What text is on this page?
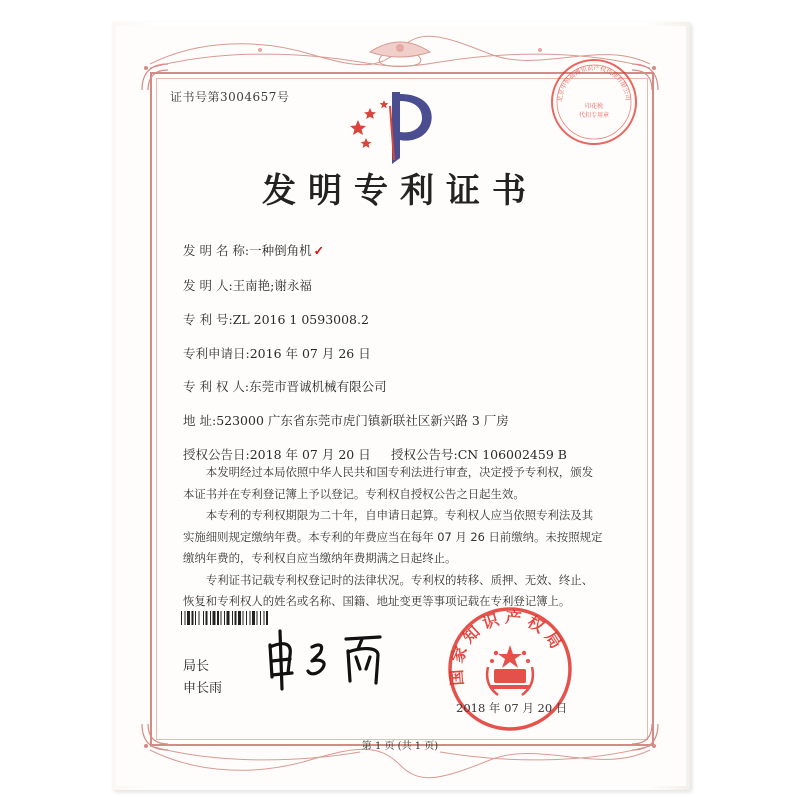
证书号第3004657号	北京中恒高博知识产权代理有限公司
印花税
代扣专用章
发明专利证书
发 明 名 称:一种倒角机 ✓
发 明 人:王南艳;谢永福
专 利 号:ZL 2016 1 0593008.2
专利申请日:2016 年 07 月 26 日
专 利 权 人:东莞市晋诚机械有限公司
地 址:523000 广东省东莞市虎门镇新联社区新兴路 3 厂房
授权公告日:2018 年 07 月 20 日 授权公告号:CN 106002459 B

本发明经过本局依照中华人民共和国专利法进行审查，决定授予专利权，颁发本证书并在专利登记簿上予以登记。专利权自授权公告之日起生效。

本专利的专利权期限为二十年，自申请日起算。专利权人应当依照专利法及其实施细则规定缴纳年费。本专利的年费应当在每年 07 月 26 日前缴纳。未按照规定缴纳年费的，专利权自应当缴纳年费期满之日起终止。

专利证书记载专利权登记时的法律状况。专利权的转移、质押、无效、终止、恢复和专利权人的姓名或名称、国籍、地址变更等事项记载在专利登记簿上。

局长
申长雨
国家知识产权局
2018 年 07 月 20 日
第 1 页 (共 1 页)
